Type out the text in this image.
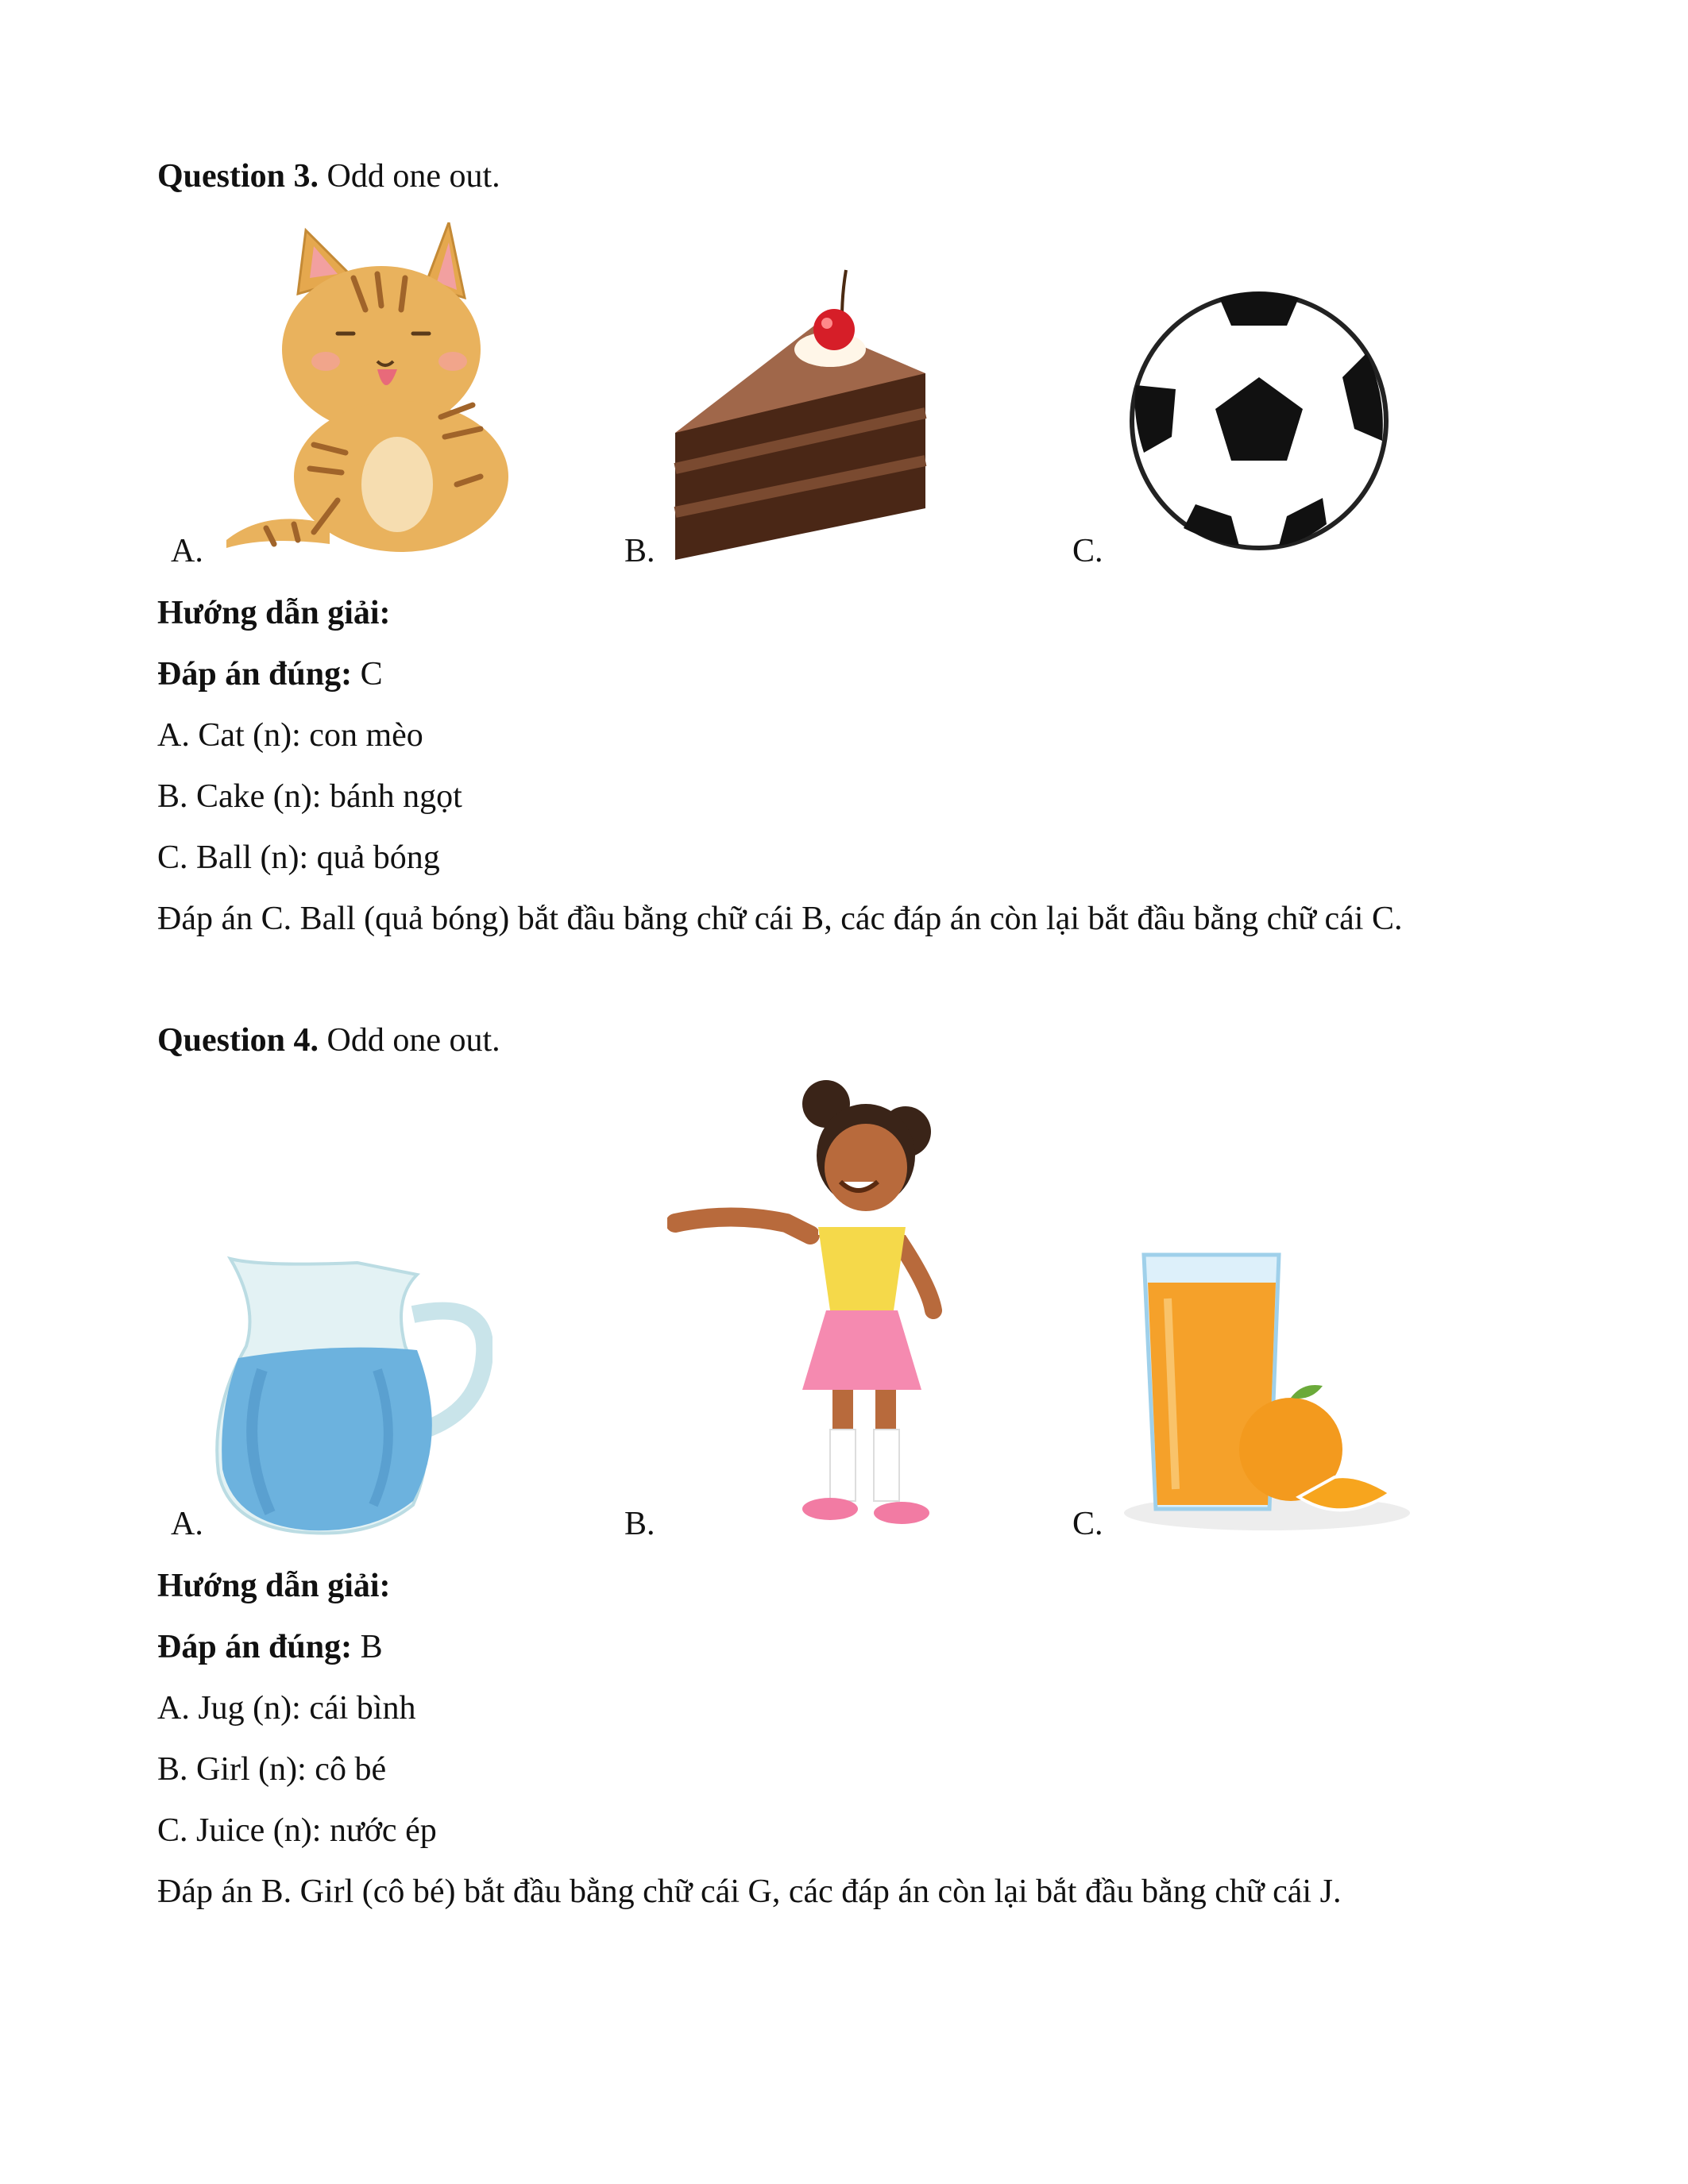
Question 3. Odd one out.
A.	B.	C.
Hướng dẫn giải:
Đáp án đúng: C
A. Cat (n): con mèo
B. Cake (n): bánh ngọt
C. Ball (n): quả bóng
Đáp án C. Ball (quả bóng) bắt đầu bằng chữ cái B, các đáp án còn lại bắt đầu bằng chữ cái C.
Question 4. Odd one out.
A.	B.	C.
Hướng dẫn giải:
Đáp án đúng: B
A. Jug (n): cái bình
B. Girl (n): cô bé
C. Juice (n): nước ép
Đáp án B. Girl (cô bé) bắt đầu bằng chữ cái G, các đáp án còn lại bắt đầu bằng chữ cái J.
